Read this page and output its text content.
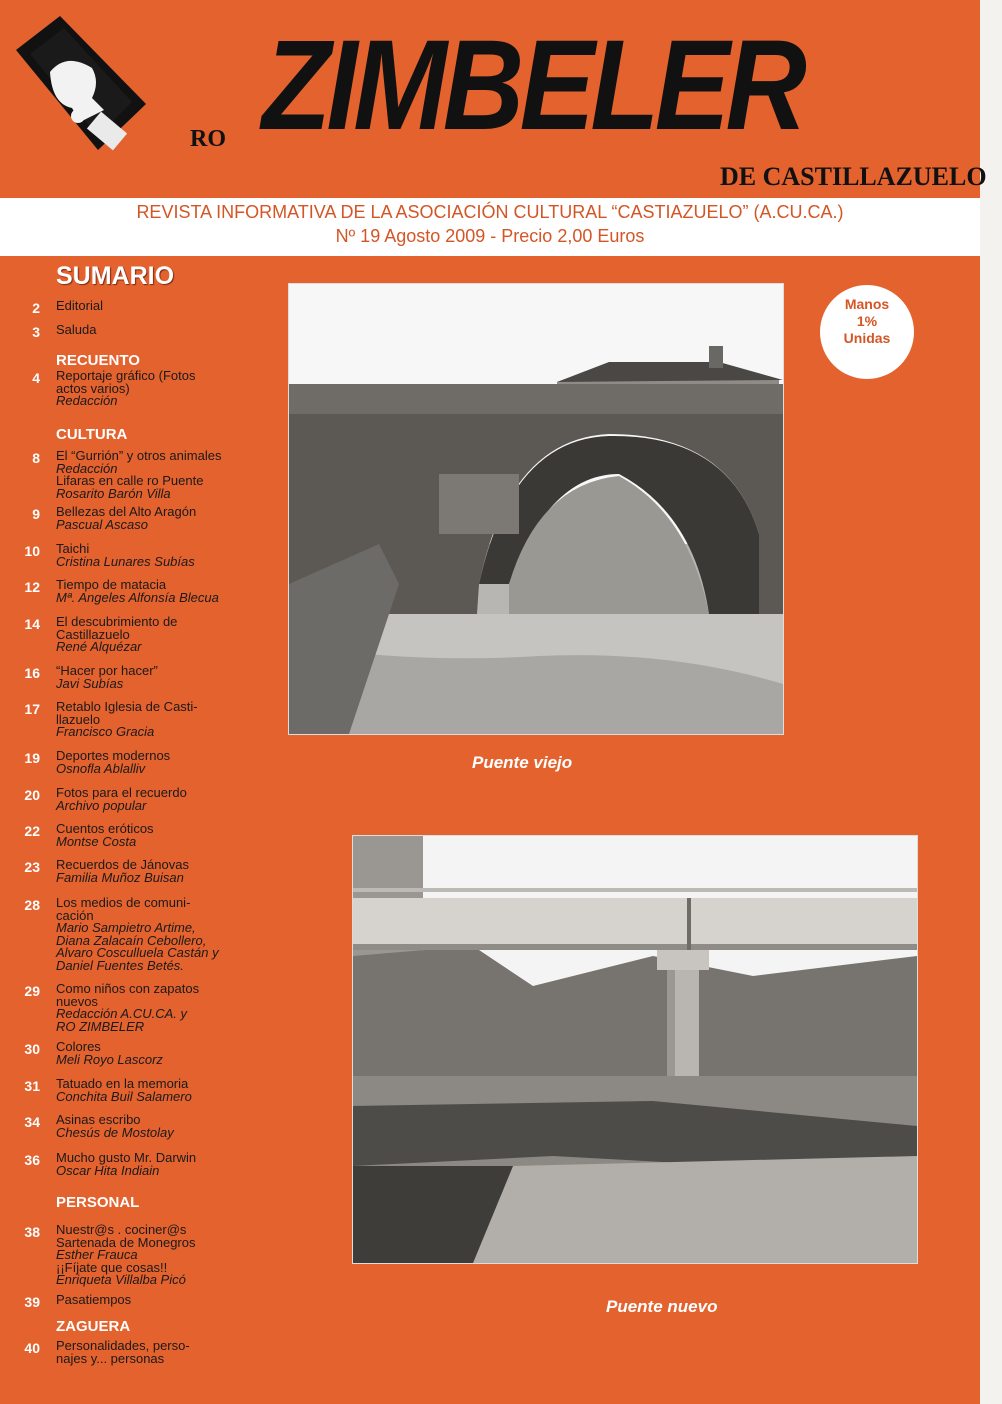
RO ZIMBELER
DE CASTILLAZUELO
REVISTA INFORMATIVA DE LA ASOCIACIÓN CULTURAL “CASTIAZUELO” (A.CU.CA.)
Nº 19 Agosto 2009 - Precio 2,00 Euros
SUMARIO
RECUENTO
CULTURA
PERSONAL
ZAGUERA
2 Editorial
3 Saluda
4 Reportaje gráfico (Fotos
actos varios)
Redacción
8 El “Gurrión” y otros animales
Redacción
Lifaras en calle ro Puente
Rosarito Barón Villa
9 Bellezas del Alto Aragón
Pascual Ascaso
10 Taichi
Cristina Lunares Subías
12 Tiempo de matacia
Mª. Angeles Alfonsía Blecua
14 El descubrimiento de
Castillazuelo
René Alquézar
16 “Hacer por hacer”
Javi Subías
17 Retablo Iglesia de Casti-
llazuelo
Francisco Gracia
19 Deportes modernos
Osnofla Ablalliv
20 Fotos para el recuerdo
Archivo popular
22 Cuentos eróticos
Montse Costa
23 Recuerdos de Jánovas
Familia Muñoz Buisan
28 Los medios de comuni-
cación
Mario Sampietro Artime,
Diana Zalacaín Cebollero,
Alvaro Cosculluela Castán y
Daniel Fuentes Betés.
29 Como niños con zapatos
nuevos
Redacción A.CU.CA. y
RO ZIMBELER
30 Colores
Meli Royo Lascorz
31 Tatuado en la memoria
Conchita Buil Salamero
34 Asinas escribo
Chesús de Mostolay
36 Mucho gusto Mr. Darwin
Oscar Hita Indiain
38 Nuestr@s . cociner@s
Sartenada de Monegros
Esther Frauca
¡¡Fíjate que cosas!!
Enriqueta Villalba Picó
39 Pasatiempos
40 Personalidades, perso-
najes y... personas
Manos
1%
Unidas
Puente viejo
Puente nuevo
